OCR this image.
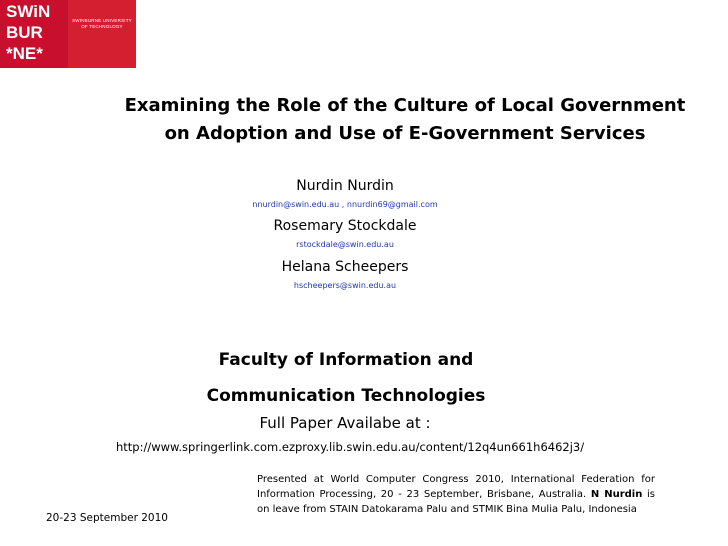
SWiN
BUR
*NE*
SWINBURNE UNIVERSITY OF TECHNOLOGY
Examining the Role of the Culture of Local Government
on Adoption and Use of E-Government Services
Nurdin Nurdin
nnurdin@swin.edu.au , nnurdin69@gmail.com
Rosemary Stockdale
rstockdale@swin.edu.au
Helana Scheepers
hscheepers@swin.edu.au
Faculty of Information and
Communication Technologies
Full Paper Availabe at :
http://www.springerlink.com.ezproxy.lib.swin.edu.au/content/12q4un661h6462j3/
Presented at World Computer Congress 2010, International Federation for Information Processing, 20 - 23 September, Brisbane, Australia. N Nurdin is on leave from STAIN Datokarama Palu and STMIK Bina Mulia Palu, Indonesia
20-23 September 2010
